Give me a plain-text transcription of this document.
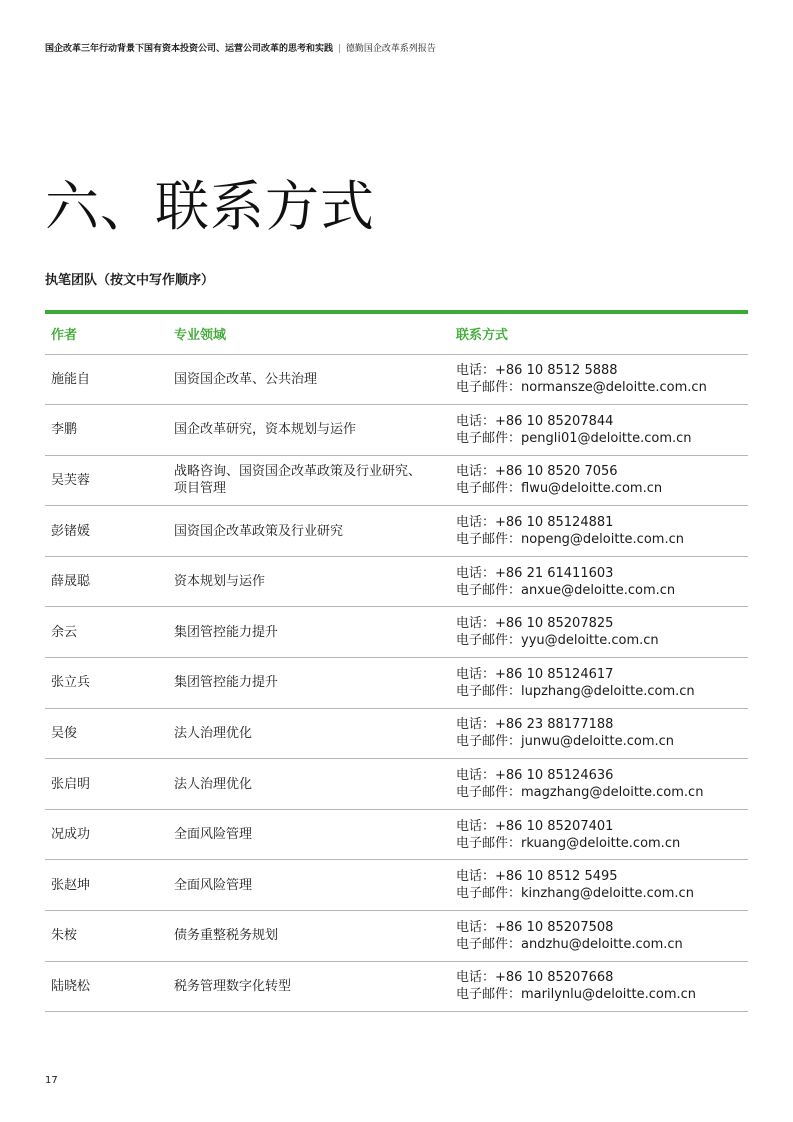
国企改革三年行动背景下国有资本投资公司、运营公司改革的思考和实践 | 德勤国企改革系列报告
六、联系方式
执笔团队（按文中写作顺序）
作者	专业领域	联系方式
施能自	国资国企改革、公共治理	电话：+86 10 8512 5888
电子邮件：normansze@deloitte.com.cn

李鹏	国企改革研究，资本规划与运作	电话：+86 10 85207844
电子邮件：pengli01@deloitte.com.cn

吴芙蓉	战略咨询、国资国企改革政策及行业研究、项目管理	电话：+86 10 8520 7056
电子邮件：flwu@deloitte.com.cn

彭锗媛	国资国企改革政策及行业研究	电话：+86 10 85124881
电子邮件：nopeng@deloitte.com.cn

薛晟聪	资本规划与运作	电话：+86 21 61411603
电子邮件：anxue@deloitte.com.cn

余云	集团管控能力提升	电话：+86 10 85207825
电子邮件：yyu@deloitte.com.cn

张立兵	集团管控能力提升	电话：+86 10 85124617
电子邮件：lupzhang@deloitte.com.cn

吴俊	法人治理优化	电话：+86 23 88177188
电子邮件：junwu@deloitte.com.cn

张启明	法人治理优化	电话：+86 10 85124636
电子邮件：magzhang@deloitte.com.cn

况成功	全面风险管理	电话：+86 10 85207401
电子邮件：rkuang@deloitte.com.cn

张赵坤	全面风险管理	电话：+86 10 8512 5495
电子邮件：kinzhang@deloitte.com.cn

朱桉	债务重整税务规划	电话：+86 10 85207508
电子邮件：andzhu@deloitte.com.cn

陆晓松	税务管理数字化转型	电话：+86 10 85207668
电子邮件：marilynlu@deloitte.com.cn
17
